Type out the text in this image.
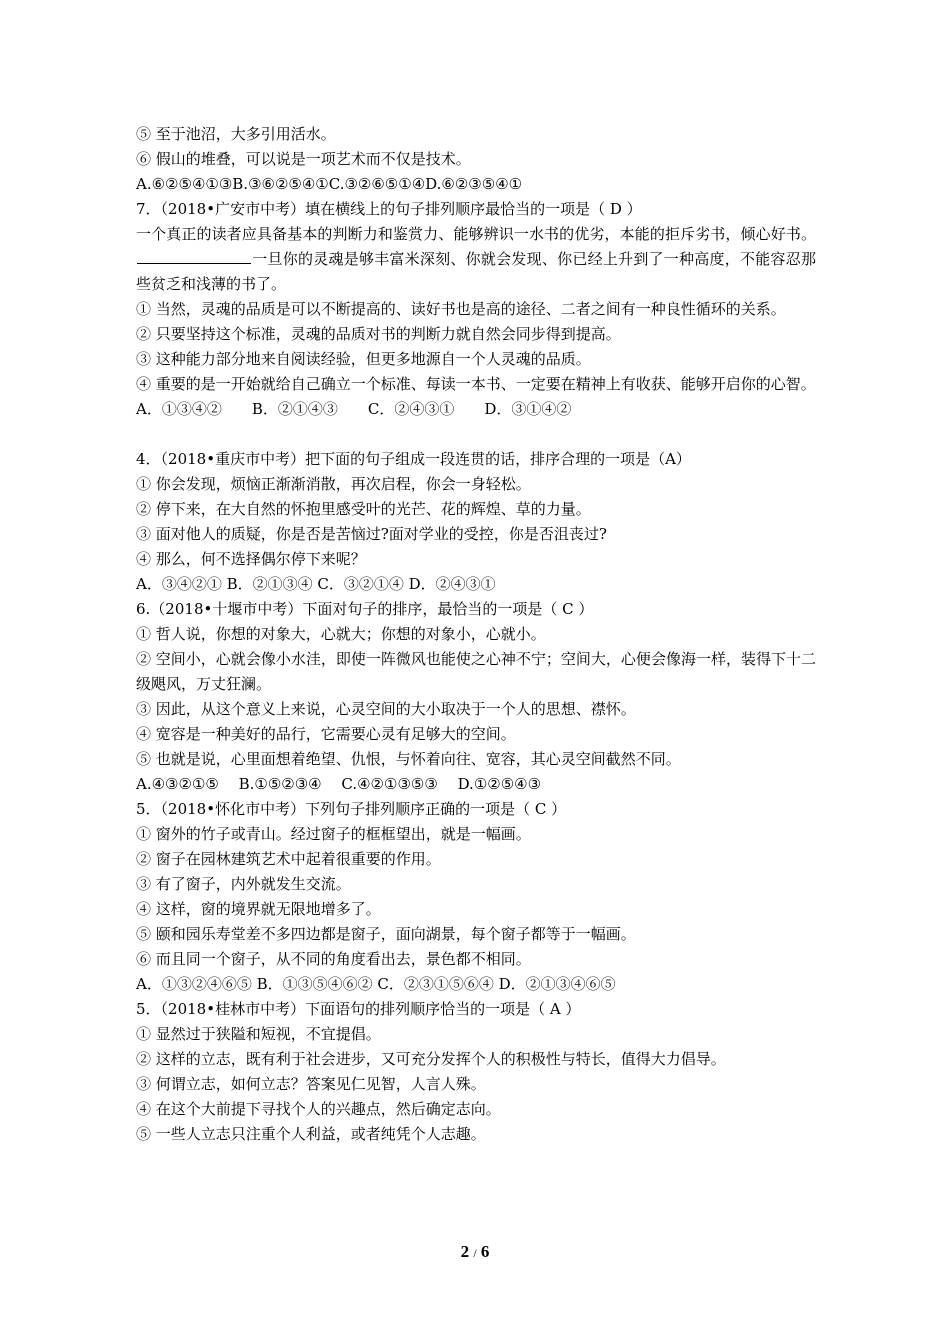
⑤ 至于池沼，大多引用活水。
⑥ 假山的堆叠，可以说是一项艺术而不仅是技术。
A.⑥②⑤④①③B.③⑥②⑤④①C.③②⑥⑤①④D.⑥②③⑤④①
7．（2018•广安市中考）填在横线上的句子排列顺序最恰当的一项是（ D ）
一个真正的读者应具备基本的判断力和鉴赏力、能够辨识一水书的优劣，本能的拒斥劣书，倾心好书。一旦你的灵魂是够丰富米深刻、你就会发现、你已经上升到了一种高度，不能容忍那些贫乏和浅薄的书了。
① 当然，灵魂的品质是可以不断提高的、读好书也是高的途径、二者之间有一种良性循环的关系。
② 只要坚持这个标准，灵魂的品质对书的判断力就自然会同步得到提高。
③ 这种能力部分地来自阅读经验，但更多地源自一个人灵魂的品质。
④ 重要的是一开始就给自己确立一个标准、每读一本书、一定要在精神上有收获、能够开启你的心智。
A．①③④②　　B．②①④③　　C．②④③①　　D．③①④②
4．（2018•重庆市中考）把下面的句子组成一段连贯的话，排序合理的一项是（A）
① 你会发现，烦恼正渐渐消散，再次启程，你会一身轻松。
② 停下来，在大自然的怀抱里感受叶的光芒、花的辉煌、草的力量。
③ 面对他人的质疑，你是否是苦恼过?面对学业的受控，你是否沮丧过?
④ 那么，何不选择偶尔停下来呢？
A．③④②① B．②①③④ C．③②①④ D．②④③①
6.（2018•十堰市中考）下面对句子的排序，最恰当的一项是（ C ）
① 哲人说，你想的对象大，心就大；你想的对象小，心就小。
② 空间小，心就会像小水洼，即使一阵微风也能使之心神不宁；空间大，心便会像海一样，装得下十二级飓风，万丈狂澜。
③ 因此，从这个意义上来说，心灵空间的大小取决于一个人的思想、襟怀。
④ 宽容是一种美好的品行，它需要心灵有足够大的空间。
⑤ 也就是说，心里面想着绝望、仇恨，与怀着向往、宽容，其心灵空间截然不同。
A.④③②①⑤　 B.①⑤②③④　 C.④②①③⑤③　 D.①②⑤④③
5．（2018•怀化市中考）下列句子排列顺序正确的一项是（ C ）
① 窗外的竹子或青山。经过窗子的框框望出，就是一幅画。
② 窗子在园林建筑艺术中起着很重要的作用。
③ 有了窗子，内外就发生交流。
④ 这样，窗的境界就无限地增多了。
⑤ 颐和园乐寿堂差不多四边都是窗子，面向湖景，每个窗子都等于一幅画。
⑥ 而且同一个窗子，从不同的角度看出去，景色都不相同。
A．①③②④⑥⑤ B．①③⑤④⑥② C．②③①⑤⑥④ D．②①③④⑥⑤
5．（2018•桂林市中考）下面语句的排列顺序恰当的一项是（ A ）
① 显然过于狭隘和短视，不宜提倡。
② 这样的立志，既有利于社会进步，又可充分发挥个人的积极性与特长，值得大力倡导。
③ 何谓立志，如何立志？答案见仁见智，人言人殊。
④ 在这个大前提下寻找个人的兴趣点，然后确定志向。
⑤ 一些人立志只注重个人利益，或者纯凭个人志趣。
2 / 6
